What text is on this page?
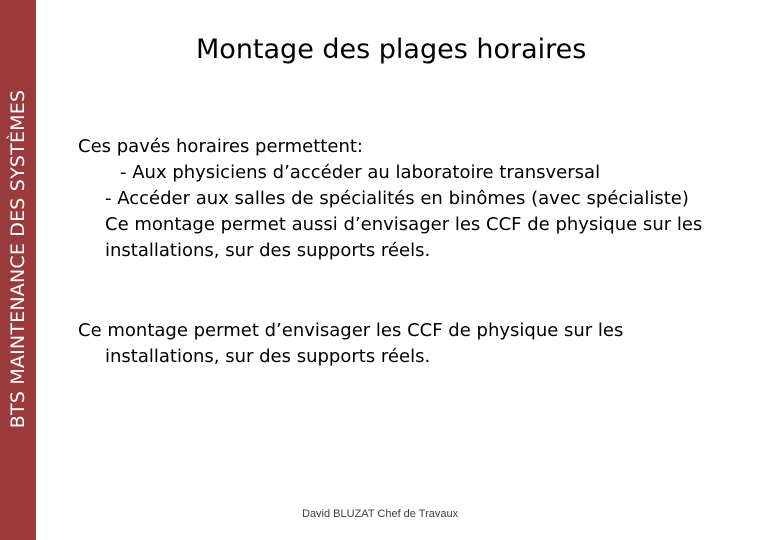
BTS MAINTENANCE DES SYSTÈMES
Montage des plages horaires
Ces pavés horaires permettent:
- Aux physiciens d’accéder au laboratoire transversal
- Accéder aux salles de spécialités en binômes (avec spécialiste)
Ce montage permet aussi d’envisager les CCF de physique sur les
installations, sur des supports réels.
Ce montage permet d’envisager les CCF de physique sur les
installations, sur des supports réels.
David BLUZAT Chef de Travaux
